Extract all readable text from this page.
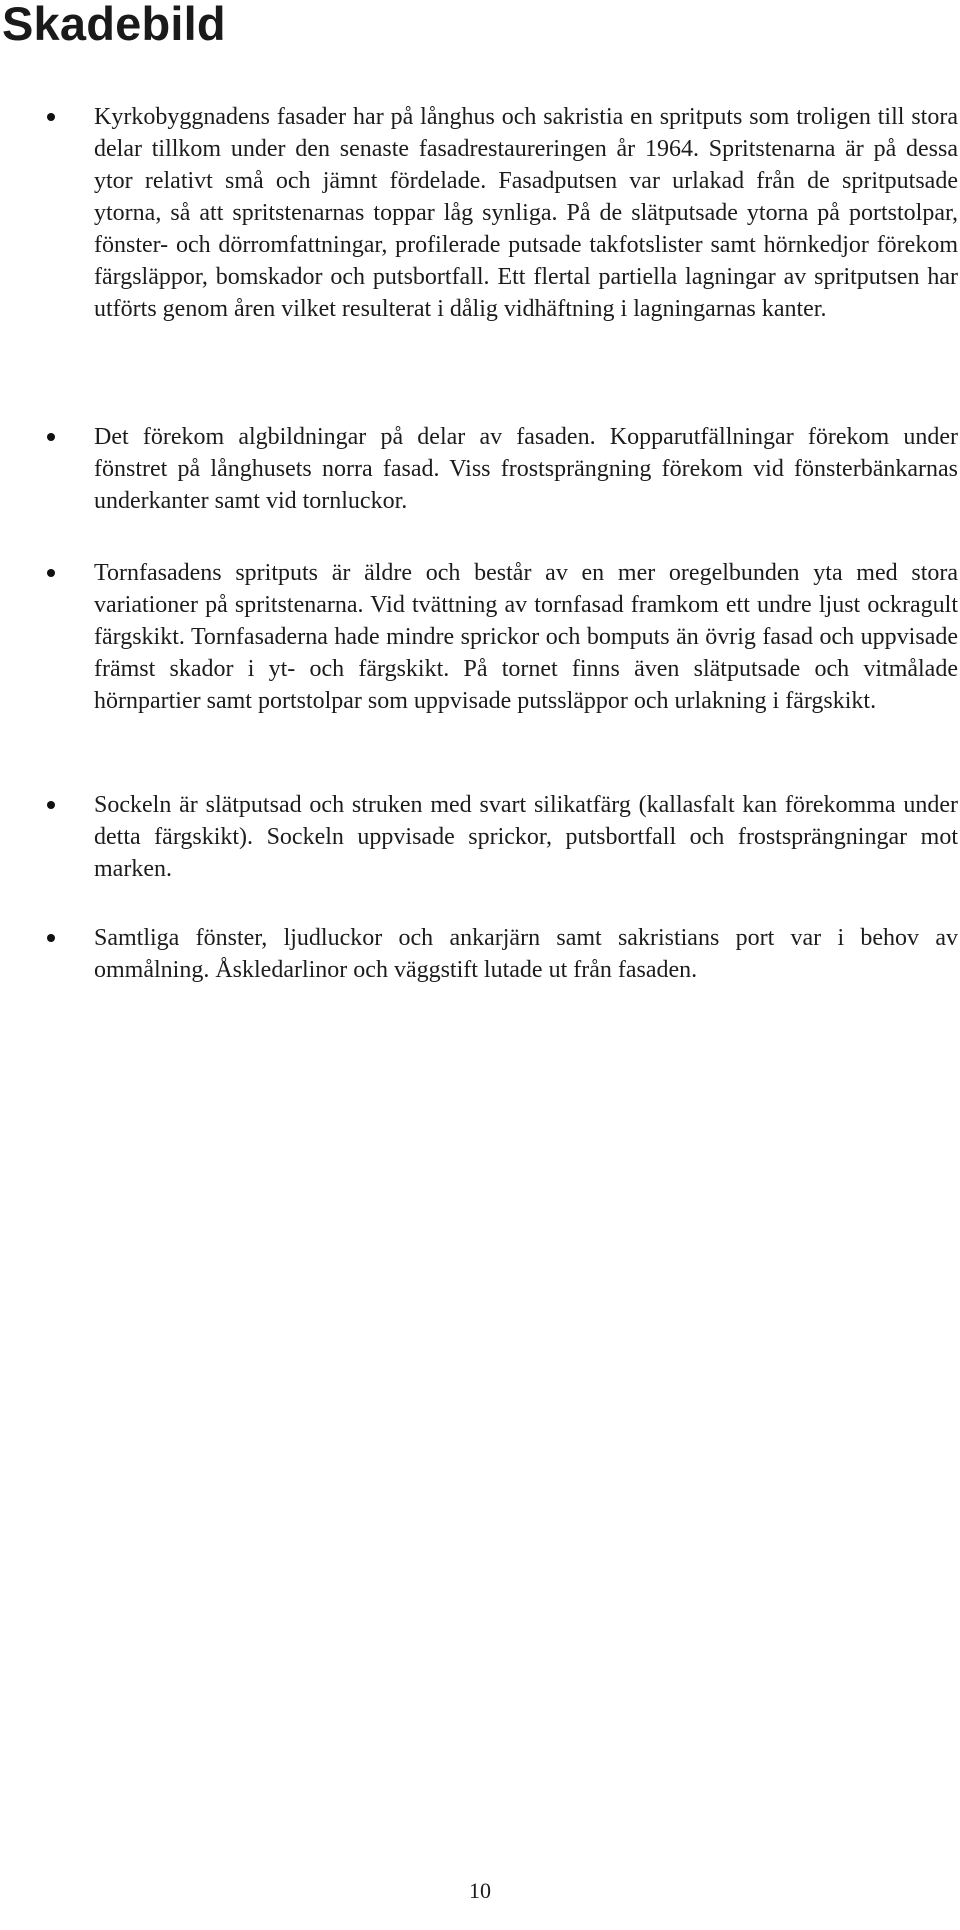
Skadebild
Kyrkobyggnadens fasader har på långhus och sakristia en spritputs som troligen till stora delar tillkom under den senaste fasadrestaureringen år 1964. Spritstenarna är på dessa ytor relativt små och jämnt fördelade. Fasadputsen var urlakad från de spritputsade ytorna, så att spritstenarnas toppar låg synliga. På de slätputsade ytorna på portstolpar, fönster- och dörromfattningar, profilerade putsade takfotslister samt hörnkedjor förekom färgsläppor, bomskador och putsbortfall. Ett flertal partiella lagningar av spritputsen har utförts genom åren vilket resulterat i dålig vidhäftning i lagningarnas kanter.
Det förekom algbildningar på delar av fasaden. Kopparutfällningar förekom under fönstret på långhusets norra fasad. Viss frostsprängning förekom vid fönsterbänkarnas underkanter samt vid tornluckor.
Tornfasadens spritputs är äldre och består av en mer oregelbunden yta med stora variationer på spritstenarna. Vid tvättning av tornfasad framkom ett undre ljust ockragult färgskikt. Tornfasaderna hade mindre sprickor och bomputs än övrig fasad och uppvisade främst skador i yt- och färgskikt. På tornet finns även slätputsade och vitmålade hörnpartier samt portstolpar som uppvisade putssläppor och urlakning i färgskikt.
Sockeln är slätputsad och struken med svart silikatfärg (kallasfalt kan förekomma under detta färgskikt). Sockeln uppvisade sprickor, putsbortfall och frostsprängningar mot marken.
Samtliga fönster, ljudluckor och ankarjärn samt sakristians port var i behov av ommålning. Åskledarlinor och väggstift lutade ut från fasaden.
10
